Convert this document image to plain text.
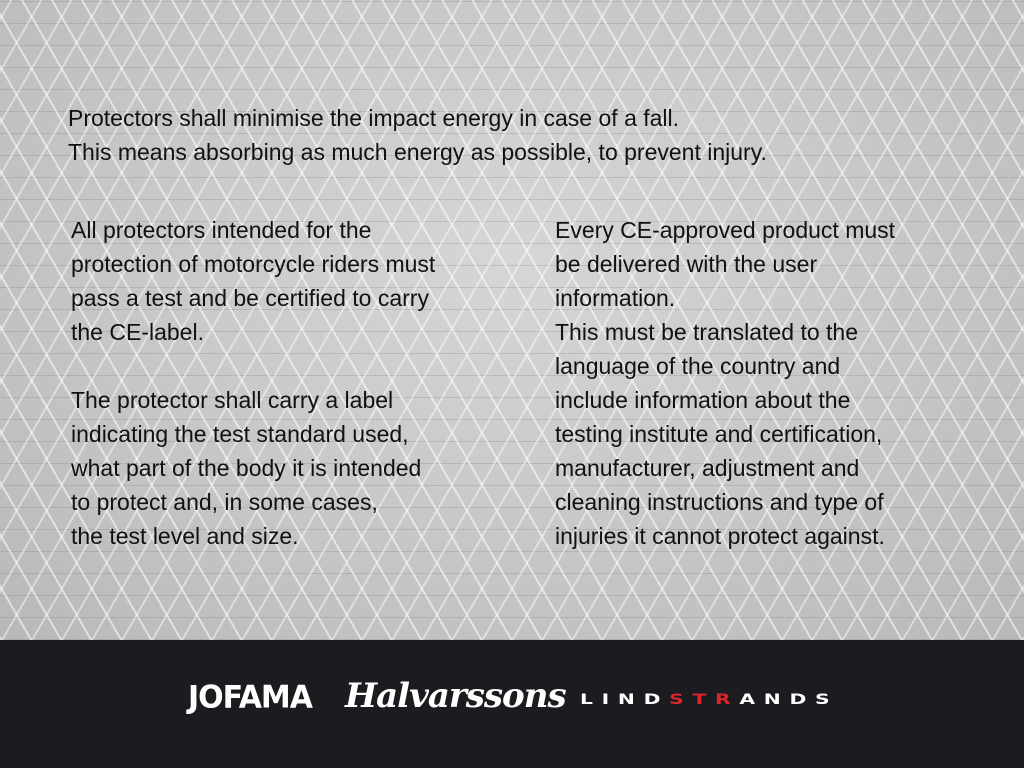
Protectors shall minimise the impact energy in case of a fall.
This means absorbing as much energy as possible, to prevent injury.
All protectors intended for the
protection of motorcycle riders must
pass a test and be certified to carry
the CE-label.
The protector shall carry a label
indicating the test standard used,
what part of the body it is intended
to protect and, in some cases,
the test level and size.
Every CE-approved product must
be delivered with the user
information.
This must be translated to the
language of the country and
include information about the
testing institute and certification,
manufacturer, adjustment and
cleaning instructions and type of
injuries it cannot protect against.
JOFAMA Halvarssons LINDSTRANDS
